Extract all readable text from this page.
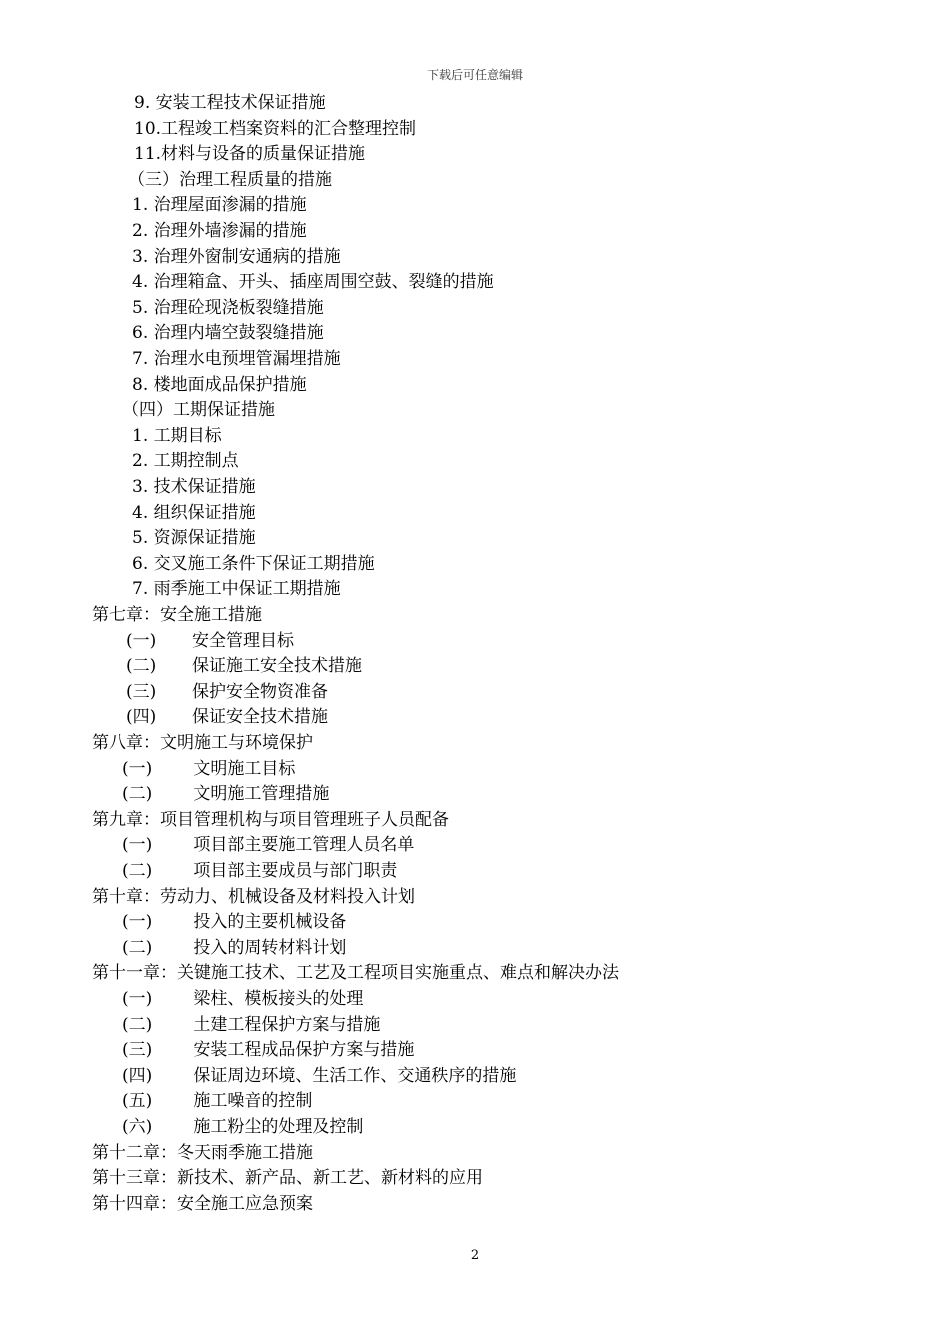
下载后可任意编辑
9. 安装工程技术保证措施
10.工程竣工档案资料的汇合整理控制
11.材料与设备的质量保证措施
（三）治理工程质量的措施
1. 治理屋面渗漏的措施
2. 治理外墙渗漏的措施
3. 治理外窗制安通病的措施
4. 治理箱盒、开头、插座周围空鼓、裂缝的措施
5. 治理砼现浇板裂缝措施
6. 治理内墙空鼓裂缝措施
7. 治理水电预埋管漏埋措施
8. 楼地面成品保护措施
（四）工期保证措施
1. 工期目标
2. 工期控制点
3. 技术保证措施
4. 组织保证措施
5. 资源保证措施
6. 交叉施工条件下保证工期措施
7. 雨季施工中保证工期措施
第七章：安全施工措施
(一) 安全管理目标
(二) 保证施工安全技术措施
(三) 保护安全物资准备
(四) 保证安全技术措施
第八章：文明施工与环境保护
(一) 文明施工目标
(二) 文明施工管理措施
第九章：项目管理机构与项目管理班子人员配备
(一) 项目部主要施工管理人员名单
(二) 项目部主要成员与部门职责
第十章：劳动力、机械设备及材料投入计划
(一) 投入的主要机械设备
(二) 投入的周转材料计划
第十一章：关键施工技术、工艺及工程项目实施重点、难点和解决办法
(一) 梁柱、模板接头的处理
(二) 土建工程保护方案与措施
(三) 安装工程成品保护方案与措施
(四) 保证周边环境、生活工作、交通秩序的措施
(五) 施工噪音的控制
(六) 施工粉尘的处理及控制
第十二章：冬天雨季施工措施
第十三章：新技术、新产品、新工艺、新材料的应用
第十四章：安全施工应急预案
2
